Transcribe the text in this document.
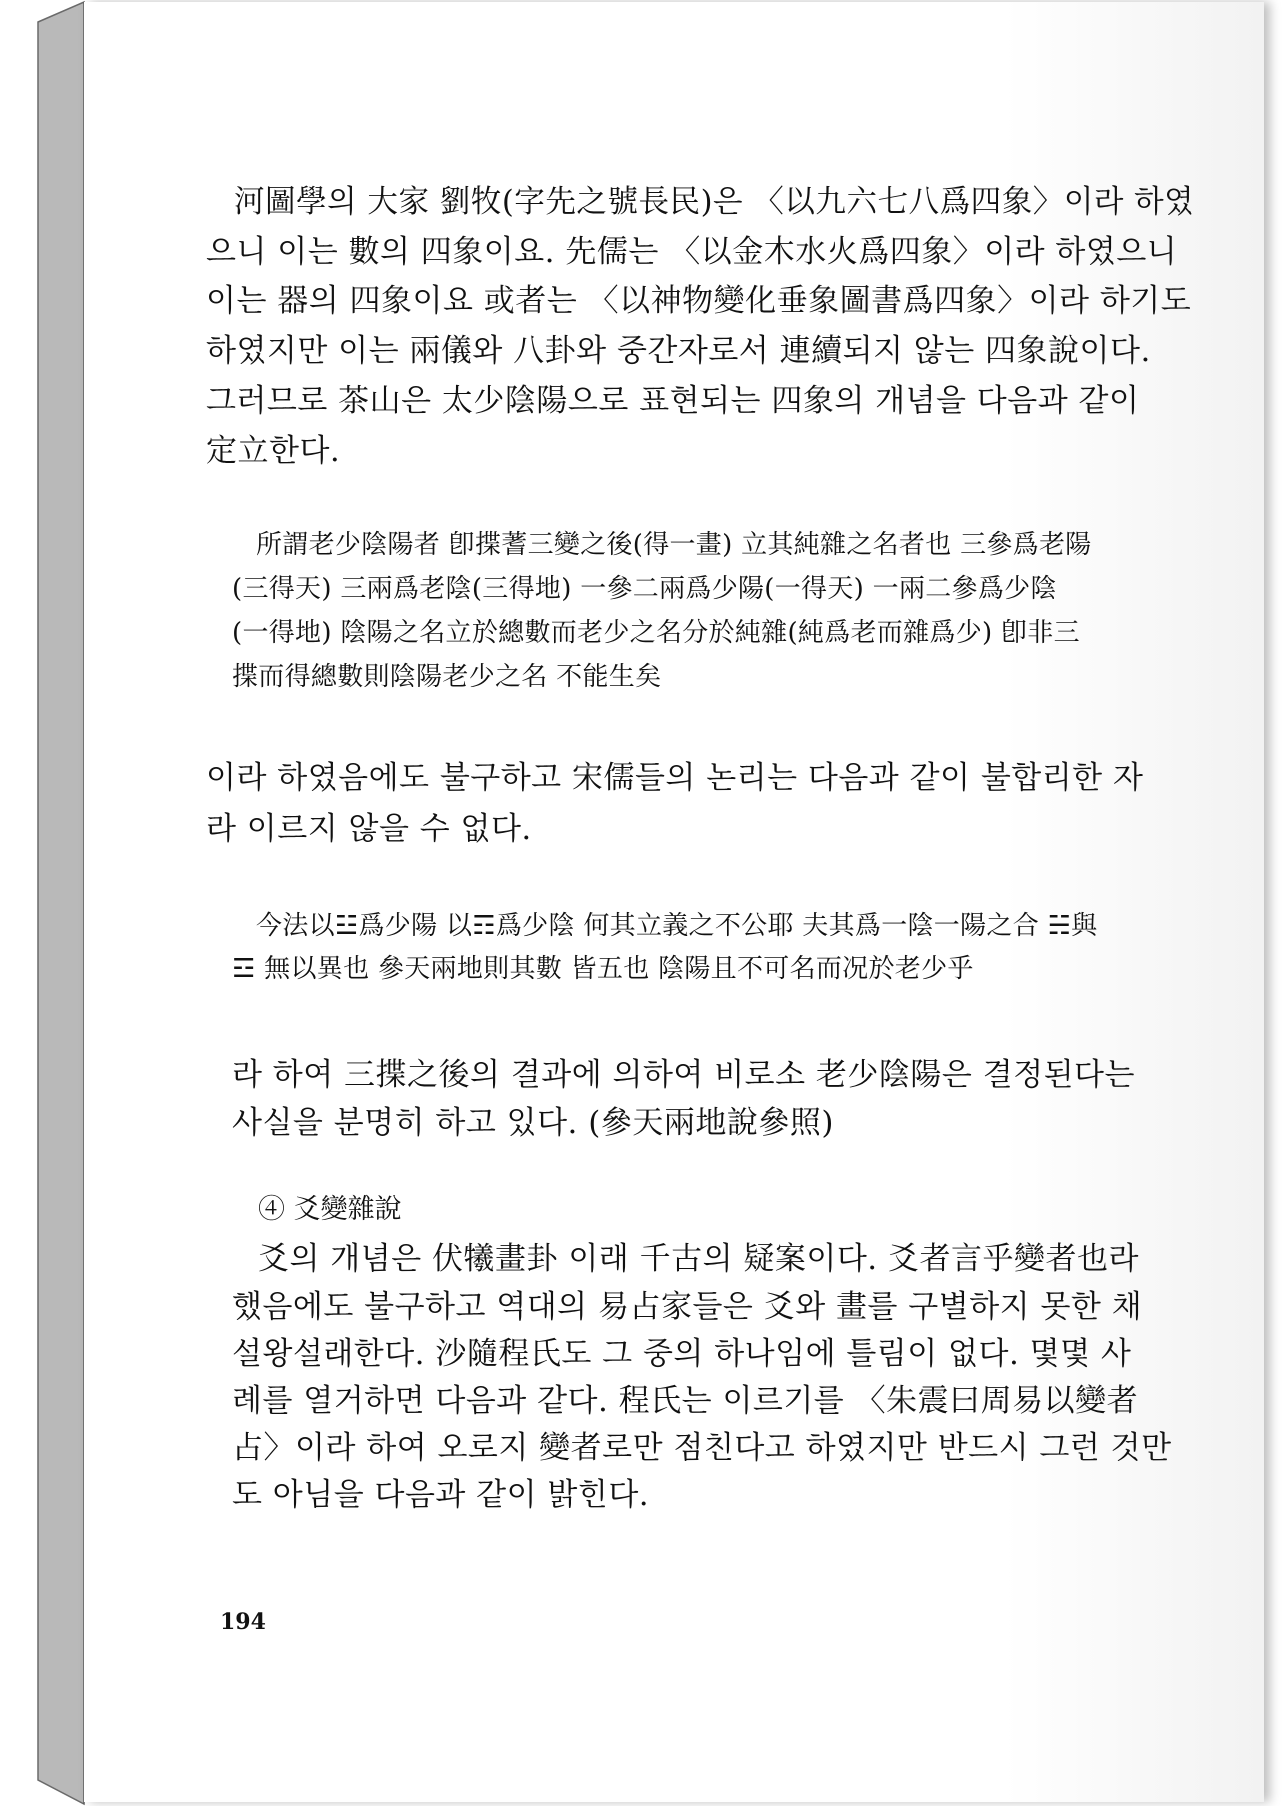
河圖學의 大家 劉牧(字先之號長民)은 〈以九六七八爲四象〉이라 하였
으니 이는 數의 四象이요. 先儒는 〈以金木水火爲四象〉이라 하였으니
이는 器의 四象이요 或者는 〈以神物變化垂象圖書爲四象〉이라 하기도
하였지만 이는 兩儀와 八卦와 중간자로서 連續되지 않는 四象說이다.
그러므로 茶山은 太少陰陽으로 표현되는 四象의 개념을 다음과 같이
定立한다.
所謂老少陰陽者 卽揲蓍三變之後(得一畫) 立其純雜之名者也 三參爲老陽
(三得天) 三兩爲老陰(三得地) 一參二兩爲少陽(一得天) 一兩二參爲少陰
(一得地) 陰陽之名立於總數而老少之名分於純雜(純爲老而雜爲少) 卽非三
揲而得總數則陰陽老少之名 不能生矣
이라 하였음에도 불구하고 宋儒들의 논리는 다음과 같이 불합리한 자
라 이르지 않을 수 없다.
今法以☳爲少陽 以☶爲少陰 何其立義之不公耶 夫其爲一陰一陽之合 ☵與
☲ 無以異也 參天兩地則其數 皆五也 陰陽且不可名而况於老少乎
라 하여 三揲之後의 결과에 의하여 비로소 老少陰陽은 결정된다는
사실을 분명히 하고 있다. (參天兩地說參照)
④ 爻變雜說
爻의 개념은 伏犧畫卦 이래 千古의 疑案이다. 爻者言乎變者也라
했음에도 불구하고 역대의 易占家들은 爻와 畫를 구별하지 못한 채
설왕설래한다. 沙隨程氏도 그 중의 하나임에 틀림이 없다. 몇몇 사
례를 열거하면 다음과 같다. 程氏는 이르기를 〈朱震曰周易以變者
占〉이라 하여 오로지 變者로만 점친다고 하였지만 반드시 그런 것만
도 아님을 다음과 같이 밝힌다.
194
